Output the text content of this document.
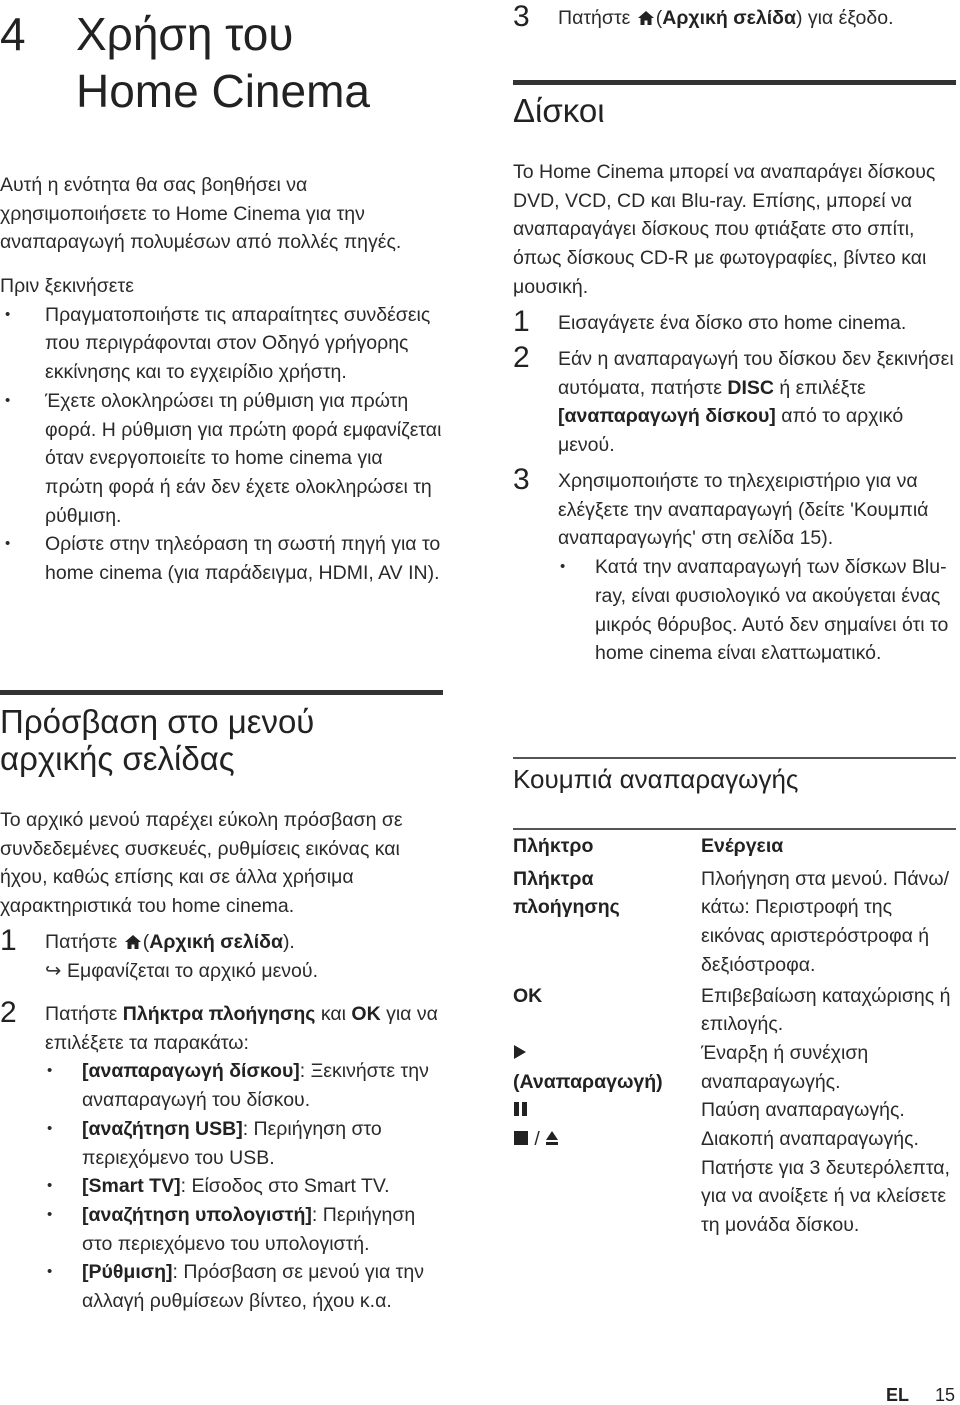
4 Χρήση του
Home Cinema

Αυτή η ενότητα θα σας βοηθήσει να χρησιμοποιήσετε το Home Cinema για την αναπαραγωγή πολυμέσων από πολλές πηγές.

Πριν ξεκινήσετε

• Πραγματοποιήστε τις απαραίτητες συνδέσεις που περιγράφονται στον Οδηγό γρήγορης εκκίνησης και το εγχειρίδιο χρήστη.
• Έχετε ολοκληρώσει τη ρύθμιση για πρώτη φορά. Η ρύθμιση για πρώτη φορά εμφανίζεται όταν ενεργοποιείτε το home cinema για πρώτη φορά ή εάν δεν έχετε ολοκληρώσει τη ρύθμιση.
• Ορίστε στην τηλεόραση τη σωστή πηγή για το home cinema (για παράδειγμα, HDMI, AV IN).

Πρόσβαση στο μενού
αρχικής σελίδας

Το αρχικό μενού παρέχει εύκολη πρόσβαση σε συνδεδεμένες συσκευές, ρυθμίσεις εικόνας και ήχου, καθώς επίσης και σε άλλα χρήσιμα χαρακτηριστικά του home cinema.

1 Πατήστε (Αρχική σελίδα).
↪ Εμφανίζεται το αρχικό μενού.
2 Πατήστε Πλήκτρα πλοήγησης και OK για να επιλέξετε τα παρακάτω:
• [αναπαραγωγή δίσκου]: Ξεκινήστε την αναπαραγωγή του δίσκου.
• [αναζήτηση USB]: Περιήγηση στο περιεχόμενο του USB.
• [Smart TV]: Είσοδος στο Smart TV.
• [αναζήτηση υπολογιστή]: Περιήγηση στο περιεχόμενο του υπολογιστή.
• [Ρύθμιση]: Πρόσβαση σε μενού για την αλλαγή ρυθμίσεων βίντεο, ήχου κ.α.
3 Πατήστε (Αρχική σελίδα) για έξοδο.

Δίσκοι

Το Home Cinema μπορεί να αναπαράγει δίσκους DVD, VCD, CD και Blu-ray. Επίσης, μπορεί να αναπαραγάγει δίσκους που φτιάξατε στο σπίτι, όπως δίσκους CD-R με φωτογραφίες, βίντεο και μουσική.

1 Εισαγάγετε ένα δίσκο στο home cinema.
2 Εάν η αναπαραγωγή του δίσκου δεν ξεκινήσει αυτόματα, πατήστε DISC ή επιλέξτε [αναπαραγωγή δίσκου] από το αρχικό μενού.
3 Χρησιμοποιήστε το τηλεχειριστήριο για να ελέγξετε την αναπαραγωγή (δείτε 'Κουμπιά αναπαραγωγής' στη σελίδα 15).
• Κατά την αναπαραγωγή των δίσκων Blu-ray, είναι φυσιολογικό να ακούγεται ένας μικρός θόρυβος. Αυτό δεν σημαίνει ότι το home cinema είναι ελαττωματικό.

Κουμπιά αναπαραγωγής

Πλήκτρο	Ενέργεια
Πλήκτρα πλοήγησης	Πλοήγηση στα μενού. Πάνω/κάτω: Περιστροφή της εικόνας αριστερόστροφα ή δεξιόστροφα.
OK	Επιβεβαίωση καταχώρισης ή επιλογής.

(Αναπαραγωγή)	Έναρξη ή συνέχιση αναπαραγωγής.
	Παύση αναπαραγωγής.
/	Διακοπή αναπαραγωγής. Πατήστε για 3 δευτερόλεπτα, για να ανοίξετε ή να κλείσετε τη μονάδα δίσκου.
EL 15
